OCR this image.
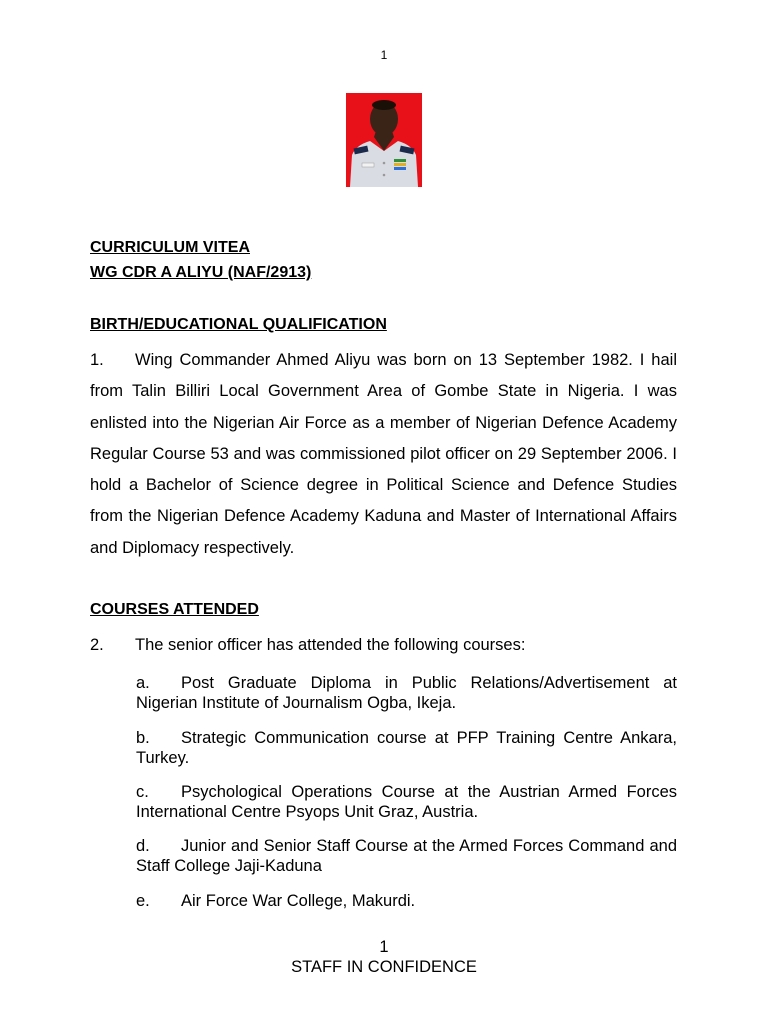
1

CURRICULUM VITEA

WG CDR A ALIYU (NAF/2913)

BIRTH/EDUCATIONAL QUALIFICATION

1. Wing Commander Ahmed Aliyu was born on 13 September 1982. I hail from Talin Billiri Local Government Area of Gombe State in Nigeria. I was enlisted into the Nigerian Air Force as a member of Nigerian Defence Academy Regular Course 53 and was commissioned pilot officer on 29 September 2006. I hold a Bachelor of Science degree in Political Science and Defence Studies from the Nigerian Defence Academy Kaduna and Master of International Affairs and Diplomacy respectively.

COURSES ATTENDED

2. The senior officer has attended the following courses:

a. Post Graduate Diploma in Public Relations/Advertisement at Nigerian Institute of Journalism Ogba, Ikeja.
b. Strategic Communication course at PFP Training Centre Ankara, Turkey.
c. Psychological Operations Course at the Austrian Armed Forces International Centre Psyops Unit Graz, Austria.
d. Junior and Senior Staff Course at the Armed Forces Command and Staff College Jaji-Kaduna
e. Air Force War College, Makurdi.
1
STAFF IN CONFIDENCE
